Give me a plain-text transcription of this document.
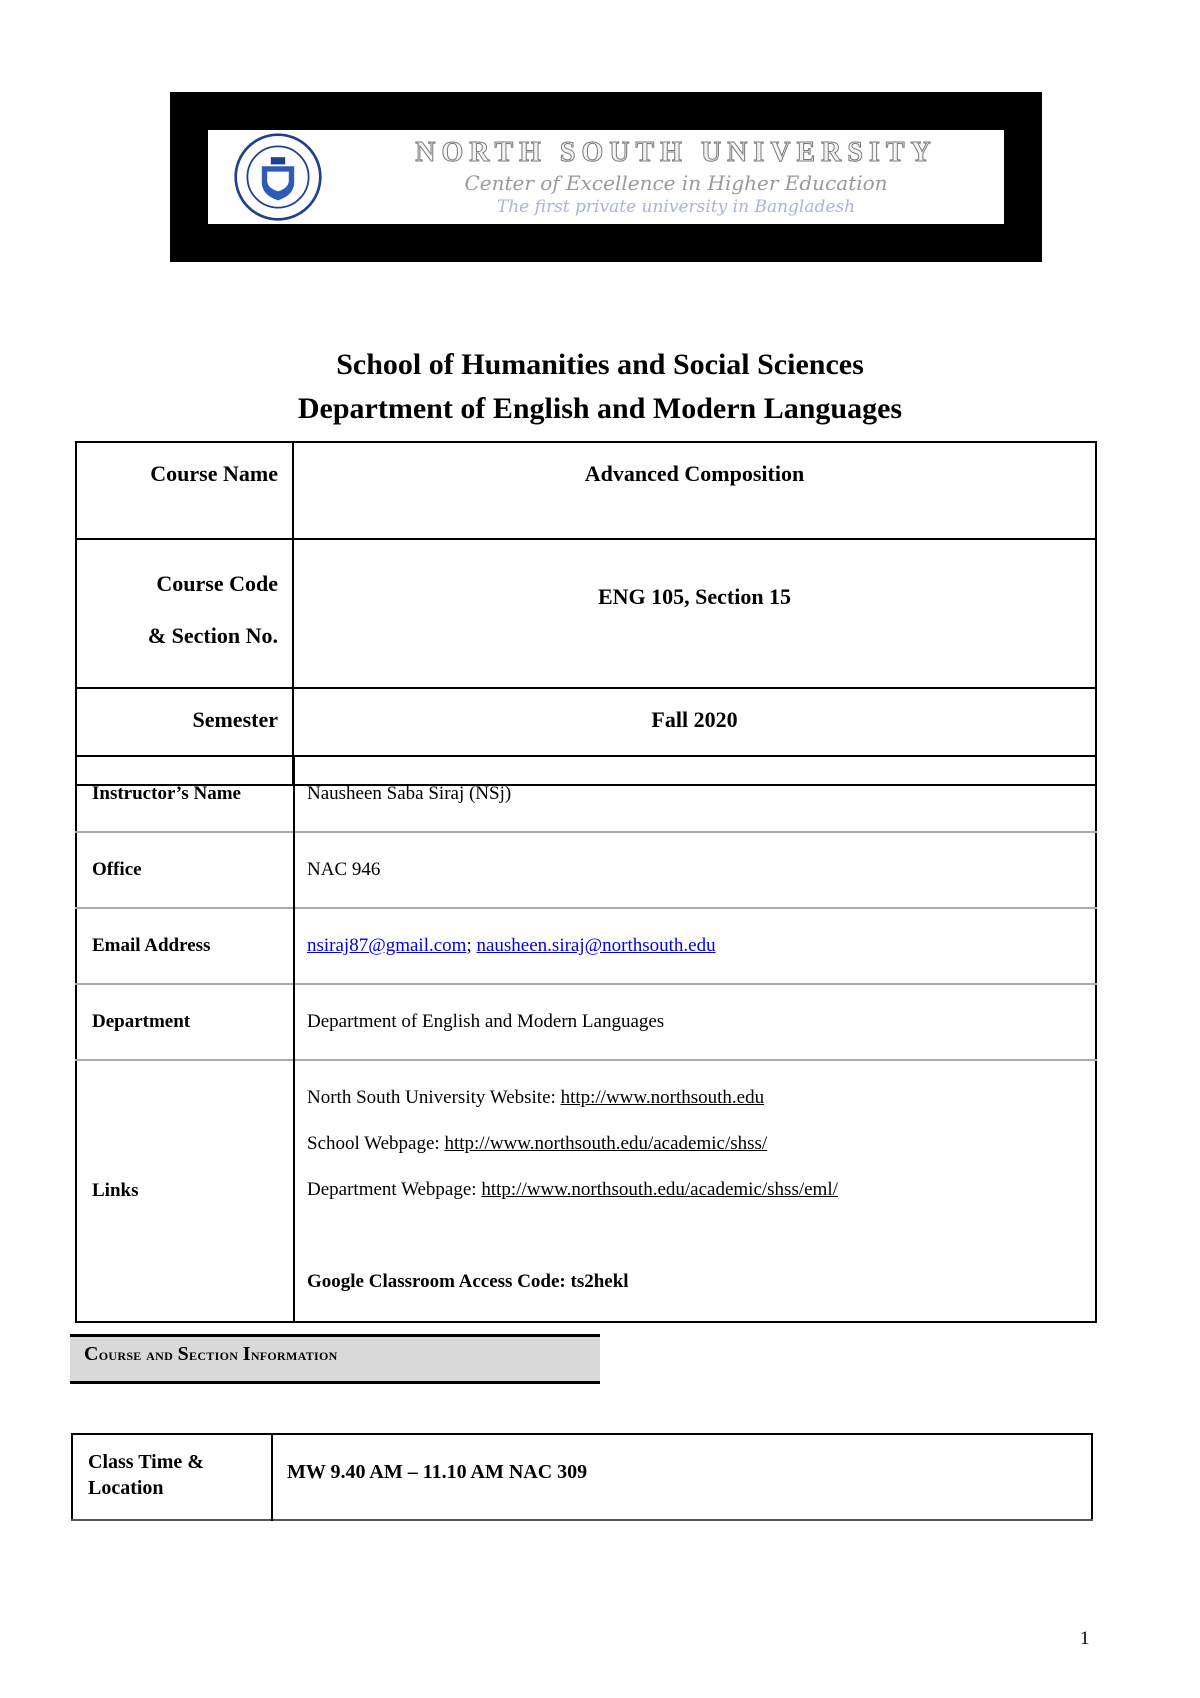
NORTH SOUTH UNIVERSITY
Center of Excellence in Higher Education
The first private university in Bangladesh
School of Humanities and Social Sciences
Department of English and Modern Languages
Course Name	Advanced Composition
Course Code
& Section No.	ENG 105, Section 15
Semester	Fall 2020
Instructor’s Name	Nausheen Saba Siraj (NSj)
Office	NAC 946
Email Address	nsiraj87@gmail.com; nausheen.siraj@northsouth.edu
Department	Department of English and Modern Languages
Links	North South University Website: http://www.northsouth.edu
School Webpage: http://www.northsouth.edu/academic/shss/
Department Webpage: http://www.northsouth.edu/academic/shss/eml/
Google Classroom Access Code: ts2hekl
Course and Section Information
Class Time &
Location	MW 9.40 AM – 11.10 AM NAC 309
1
